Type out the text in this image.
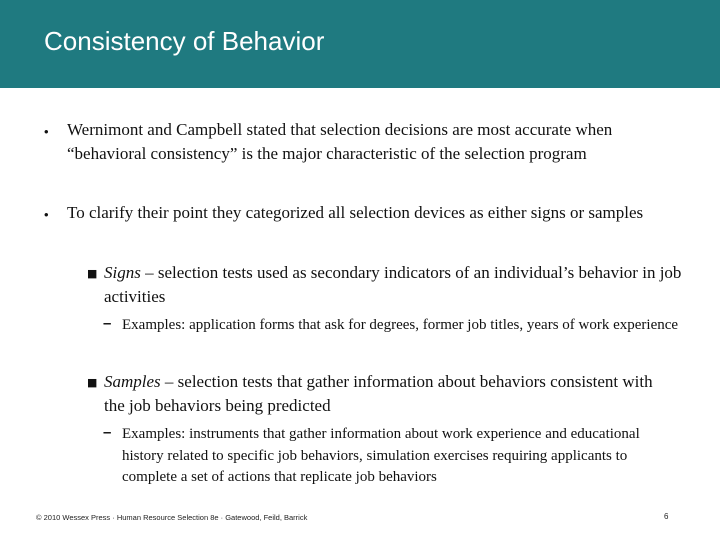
Consistency of Behavior
• Wernimont and Campbell stated that selection decisions are most accurate when “behavioral consistency” is the major characteristic of the selection program
• To clarify their point they categorized all selection devices as either signs or samples
■ Signs – selection tests used as secondary indicators of an individual’s behavior in job activities
– Examples: application forms that ask for degrees, former job titles, years of work experience
■ Samples – selection tests that gather information about behaviors consistent with the job behaviors being predicted
– Examples: instruments that gather information about work experience and educational history related to specific job behaviors, simulation exercises requiring applicants to complete a set of actions that replicate job behaviors
© 2010 Wessex Press · Human Resource Selection 8e · Gatewood, Feild, Barrick	6
